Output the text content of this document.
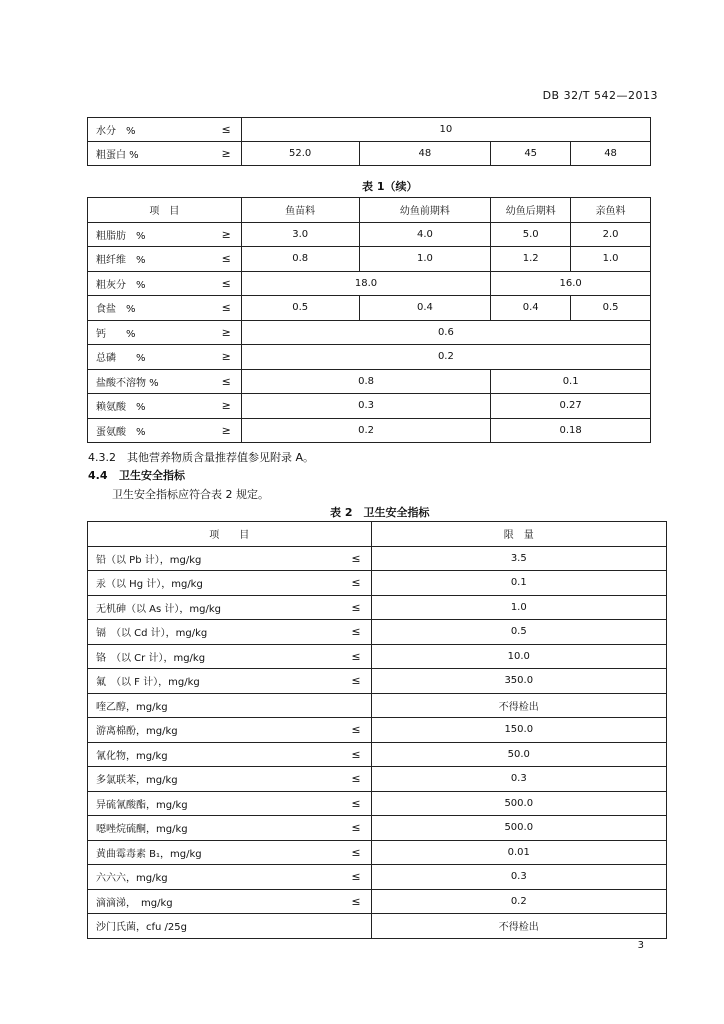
DB 32/T 542—2013
水分　% ≤	10			

粗蛋白 % ≥	52.0	48	45	48
表 1（续）
项　目	鱼苗料	幼鱼前期料	幼鱼后期料	亲鱼料

粗脂肪　% ≥	3.0	4.0	5.0	2.0

粗纤维　% ≤	0.8	1.0	1.2	1.0

粗灰分　% ≤	18.0		16.0	

食盐　% ≤	0.5	0.4	0.4	0.5

钙　　% ≥	0.6			

总磷　　% ≥	0.2			

盐酸不溶物 % ≤	0.8		0.1	

赖氨酸　% ≥	0.3		0.27	

蛋氨酸　% ≥	0.2		0.18	
4.3.2　其他营养物质含量推荐值参见附录 A。
4.4 卫生安全指标
卫生安全指标应符合表 2 规定。
表 2　卫生安全指标
项　　目	限　量

铅（以 Pb 计），mg/kg ≤	3.5

汞（以 Hg 计），mg/kg ≤	0.1

无机砷（以 As 计），mg/kg ≤	1.0

镉　（以 Cd 计），mg/kg ≤	0.5

铬　（以 Cr 计），mg/kg ≤	10.0

氟　（以 F 计），mg/kg ≤	350.0

喹乙醇，mg/kg	不得检出

游离棉酚，mg/kg ≤	150.0

氰化物，mg/kg ≤	50.0

多氯联苯，mg/kg ≤	0.3

异硫氰酸酯，mg/kg ≤	500.0

噁唑烷硫酮，mg/kg ≤	500.0

黄曲霉毒素 B₁，mg/kg ≤	0.01

六六六，mg/kg ≤	0.3

滴滴涕，　mg/kg ≤	0.2

沙门氏菌，cfu /25g	不得检出
3
